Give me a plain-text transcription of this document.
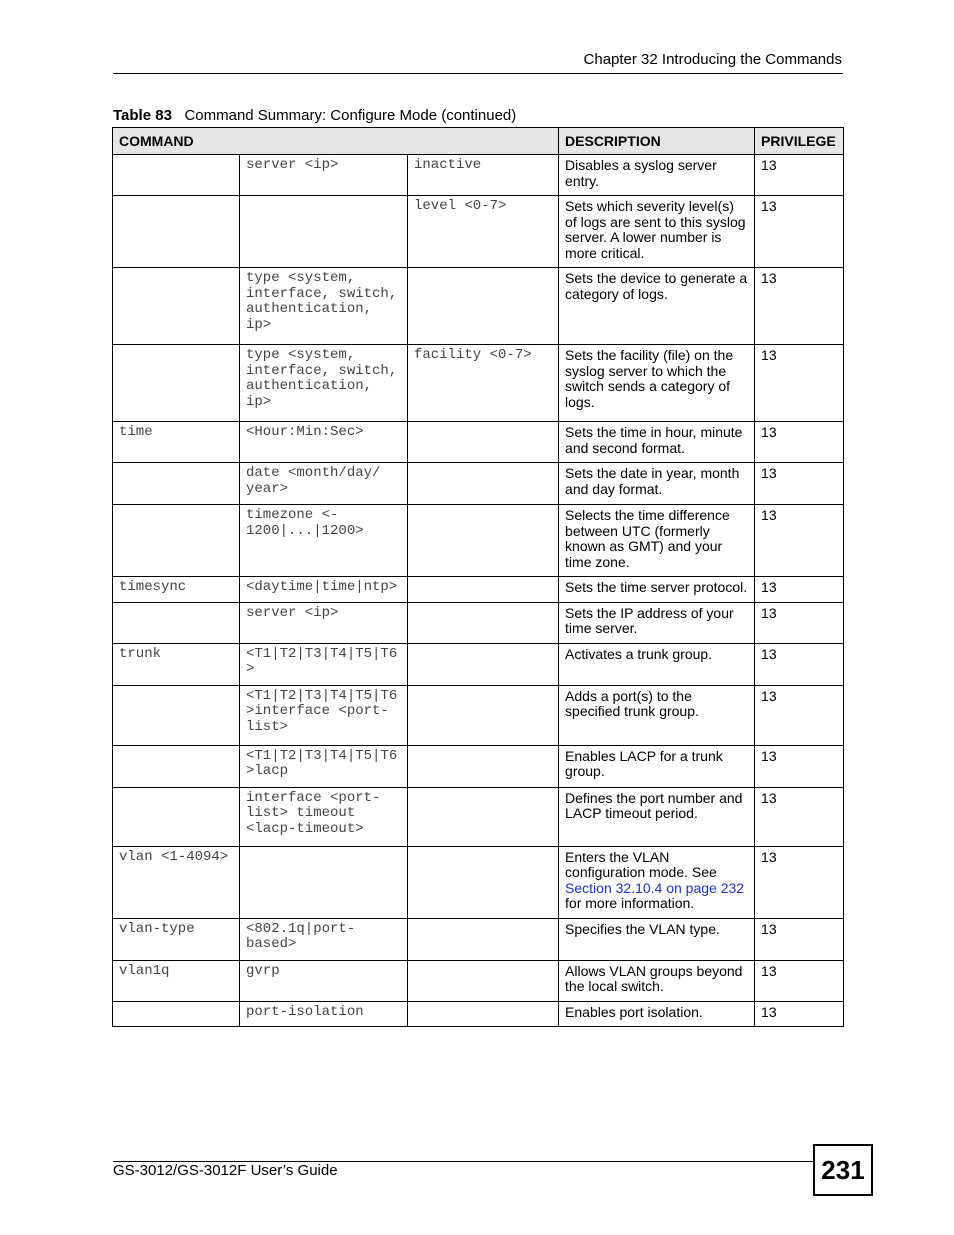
Chapter 32 Introducing the Commands
Table 83 Command Summary: Configure Mode (continued)
COMMAND			DESCRIPTION	PRIVILEGE
	server <ip>	inactive	Disables a syslog server entry.	13
		level <0-7>	Sets which severity level(s) of logs are sent to this syslog server. A lower number is more critical.	13
	type <system, interface, switch, authentication, ip>		Sets the device to generate a category of logs.	13
	type <system, interface, switch, authentication, ip>	facility <0-7>	Sets the facility (file) on the syslog server to which the switch sends a category of logs.	13
time	<Hour:Min:Sec>		Sets the time in hour, minute and second format.	13
	date <month/day/ year>		Sets the date in year, month and day format.	13
	timezone <- 1200|...|1200>		Selects the time difference between UTC (formerly known as GMT) and your time zone.	13
timesync	<daytime|time|ntp>		Sets the time server protocol.	13
	server <ip>		Sets the IP address of your time server.	13
trunk	<T1|T2|T3|T4|T5|T6 >		Activates a trunk group.	13
	<T1|T2|T3|T4|T5|T6 >interface <port- list>		Adds a port(s) to the specified trunk group.	13
	<T1|T2|T3|T4|T5|T6 >lacp		Enables LACP for a trunk group.	13
	interface <port- list> timeout <lacp-timeout>		Defines the port number and LACP timeout period.	13
vlan <1-4094>			Enters the VLAN configuration mode. See Section 32.10.4 on page 232 for more information.	13
vlan-type	<802.1q|port- based>		Specifies the VLAN type.	13
vlan1q	gvrp		Allows VLAN groups beyond the local switch.	13
	port-isolation		Enables port isolation.	13
GS-3012/GS-3012F User’s Guide	231
